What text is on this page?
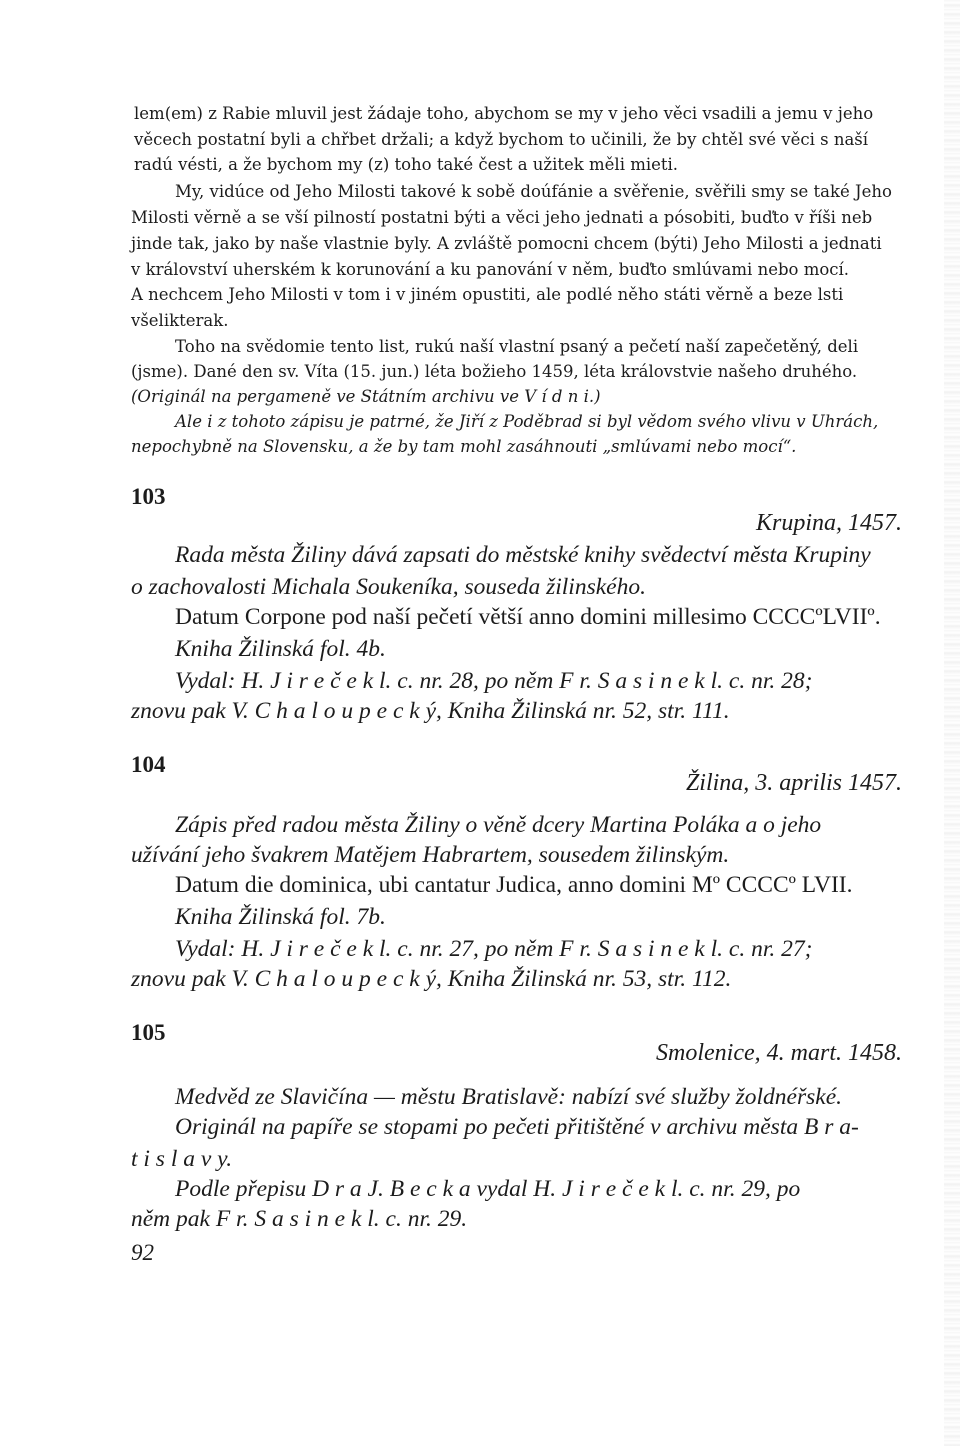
lem(em) z Rabie mluvil jest žádaje toho, abychom se my v jeho věci vsadili a jemu v jeho

věcech postatní byli a chřbet držali; a když bychom to učinili, že by chtěl své věci s naší

radú vésti, a že bychom my (z) toho také čest a užitek měli mieti.

My, vidúce od Jeho Milosti takové k sobě doúfánie a svěřenie, svěřili smy se také Jeho

Milosti věrně a se vší pilností postatni býti a věci jeho jednati a pósobiti, buďto v říši neb

jinde tak, jako by naše vlastnie byly. A zvláště pomocni chcem (býti) Jeho Milosti a jednati

v království uherském k korunování a ku panování v něm, buďto smlúvami nebo mocí.

A nechcem Jeho Milosti v tom i v jiném opustiti, ale podlé něho státi věrně a beze lsti

všelikterak.

Toho na svědomie tento list, rukú naší vlastní psaný a pečetí naší zapečetěný, deli

(jsme). Dané den sv. Víta (15. jun.) léta božieho 1459, léta královstvie našeho druhého.

(Originál na pergameně ve Státním archivu ve V í d n i.)

Ale i z tohoto zápisu je patrné, že Jiří z Poděbrad si byl vědom svého vlivu v Uhrách,

nepochybně na Slovensku, a že by tam mohl zasáhnouti „smlúvami nebo mocí“.

103

Krupina, 1457.

Rada města Žiliny dává zapsati do městské knihy svědectví města Krupiny

o zachovalosti Michala Soukeníka, souseda žilinského.

Datum Corpone pod naší pečetí větší anno domini millesimo CCCCºLVIIº.

Kniha Žilinská fol. 4b.

Vydal: H. J i r e č e k l. c. nr. 28, po něm F r. S a s i n e k l. c. nr. 28;

znovu pak V. C h a l o u p e c k ý, Kniha Žilinská nr. 52, str. 111.

104

Žilina, 3. aprilis 1457.

Zápis před radou města Žiliny o věně dcery Martina Poláka a o jeho

užívání jeho švakrem Matějem Habrartem, sousedem žilinským.

Datum die dominica, ubi cantatur Judica, anno domini Mº CCCCº LVII.

Kniha Žilinská fol. 7b.

Vydal: H. J i r e č e k l. c. nr. 27, po něm F r. S a s i n e k l. c. nr. 27;

znovu pak V. C h a l o u p e c k ý, Kniha Žilinská nr. 53, str. 112.

105

Smolenice, 4. mart. 1458.

Medvěd ze Slavičína — městu Bratislavě: nabízí své služby žoldnéřské.

Originál na papíře se stopami po pečeti přitištěné v archivu města B r a-

t i s l a v y.

Podle přepisu D r a J. B e c k a vydal H. J i r e č e k l. c. nr. 29, po

něm pak F r. S a s i n e k l. c. nr. 29.

92
